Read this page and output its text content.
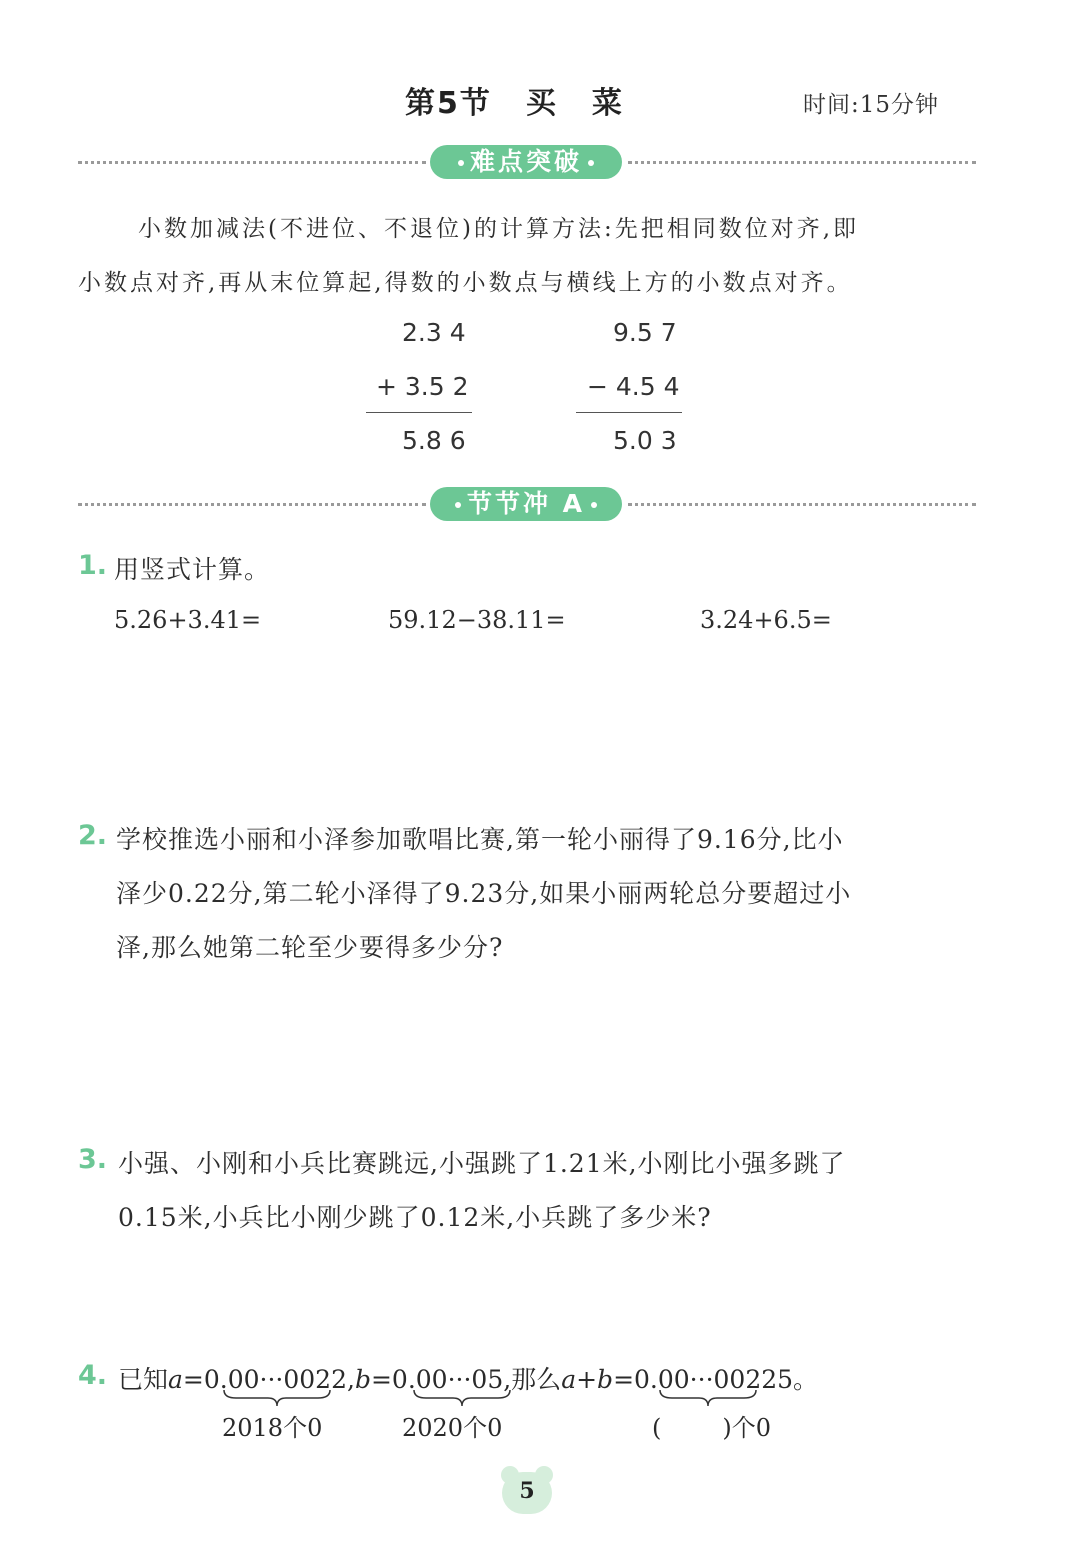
第5节 买 菜	时间:15分钟
难点突破
小数加减法(不进位、不退位)的计算方法:先把相同数位对齐,即
小数点对齐,再从末位算起,得数的小数点与横线上方的小数点对齐。
2.3 4
+ 3.5 2
5.8 6
9.5 7
− 4.5 4
5.0 3
节节冲 A
1. 用竖式计算。
5.26+3.41=	59.12−38.11=	3.24+6.5=
2. 学校推选小丽和小泽参加歌唱比赛,第一轮小丽得了9.16分,比小
泽少0.22分,第二轮小泽得了9.23分,如果小丽两轮总分要超过小
泽,那么她第二轮至少要得多少分?
3. 小强、小刚和小兵比赛跳远,小强跳了1.21米,小刚比小强多跳了
0.15米,小兵比小刚少跳了0.12米,小兵跳了多少米?
4. 已知a=0.00···0022,b=0.00···05,那么a+b=0.00···00225。
2018个0	2020个0	(        )个0
5
